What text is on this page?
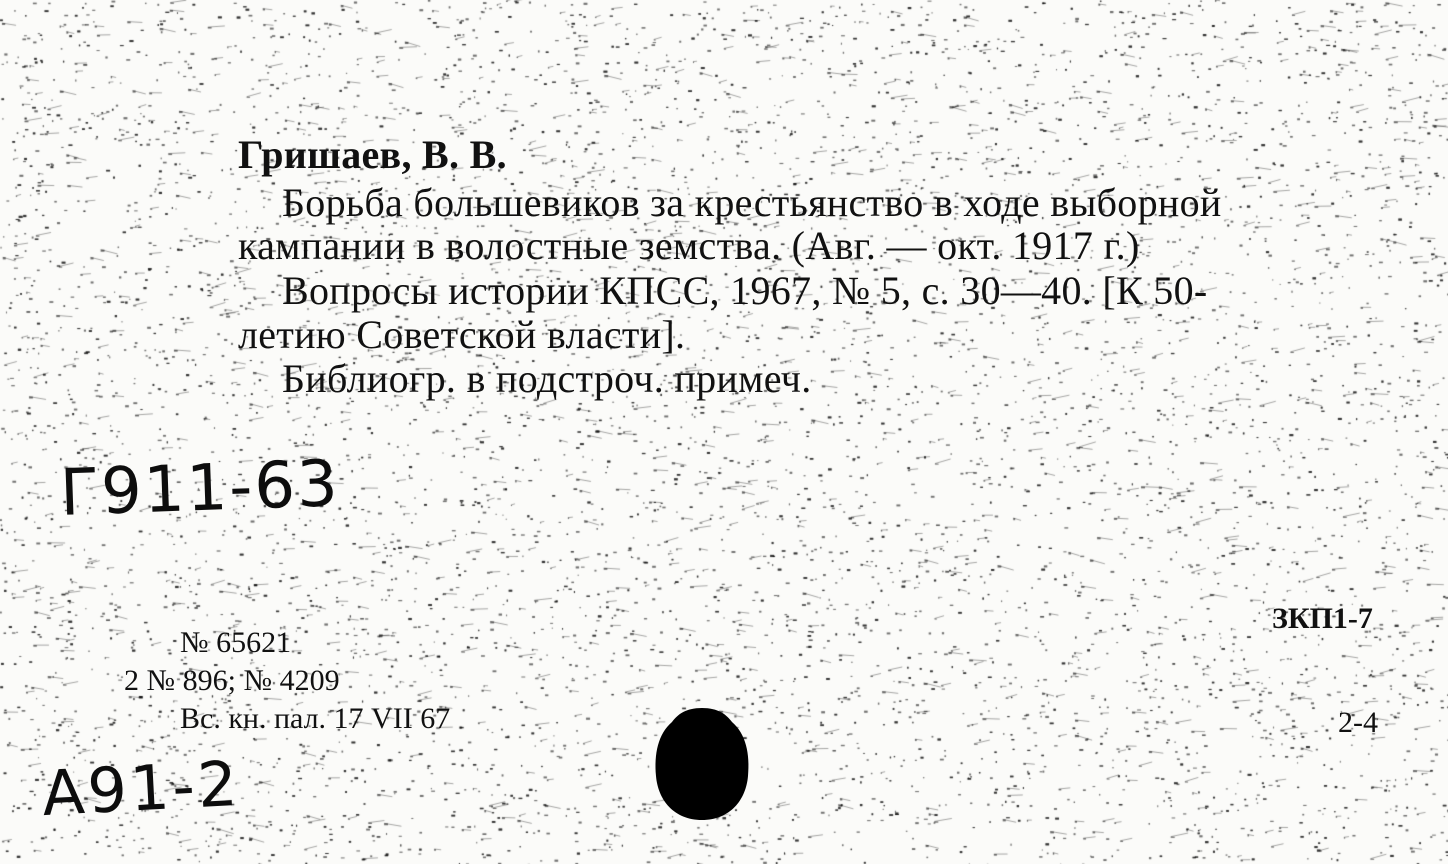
Гришаев, В. В.
Борьба большевиков за крестьянство в ходе выборной
кампании в волостные земства. (Авг. — окт. 1917 г.)
Вопросы истории КПСС, 1967, № 5, с. 30—40. [К 50-
летию Советской власти].
Библиогр. в подстроч. примеч.
Г911-63
№ 65621
2 № 896; № 4209
Вс. кн. пал. 17 VII 67
ЗКП1-7
2-4
А91-2
